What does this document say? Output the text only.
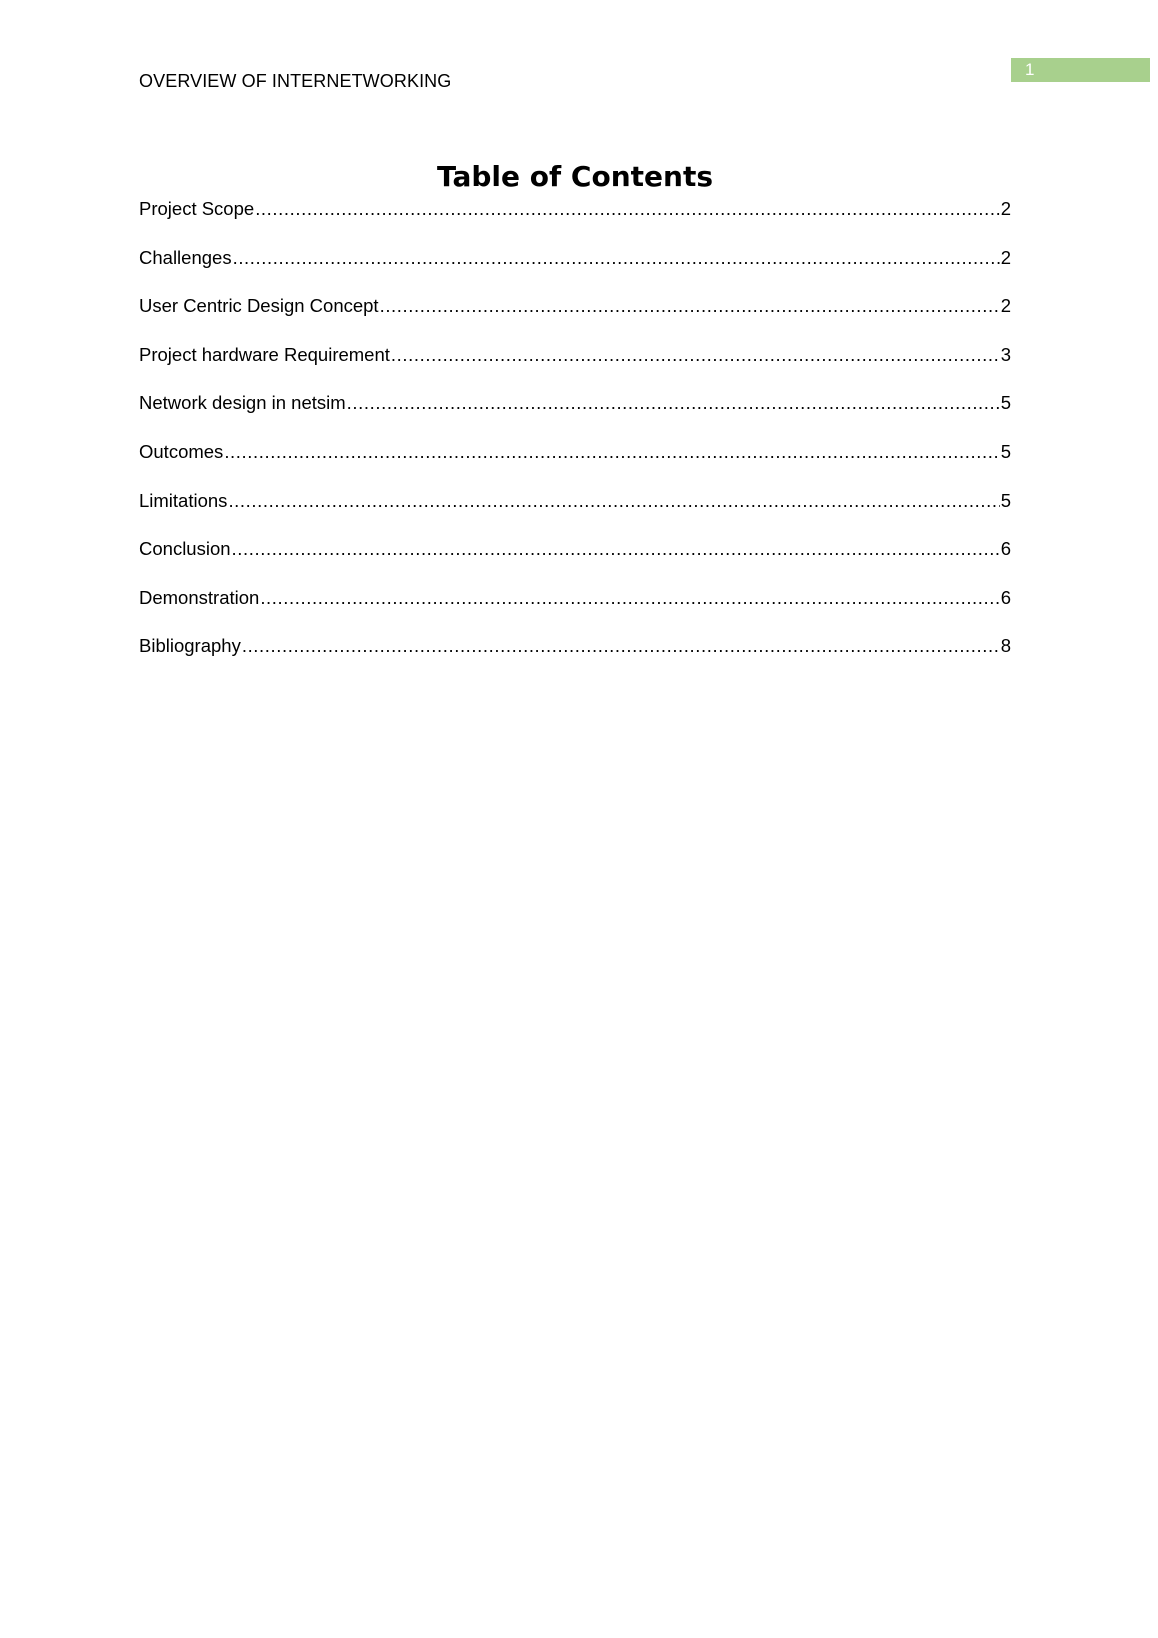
1
OVERVIEW OF INTERNETWORKING
Table of Contents
Project Scope .....	2
Challenges .....	2
User Centric Design Concept .....	2
Project hardware Requirement .....	3
Network design in netsim .....	5
Outcomes .....	5
Limitations .....	5
Conclusion .....	6
Demonstration .....	6
Bibliography .....	8
